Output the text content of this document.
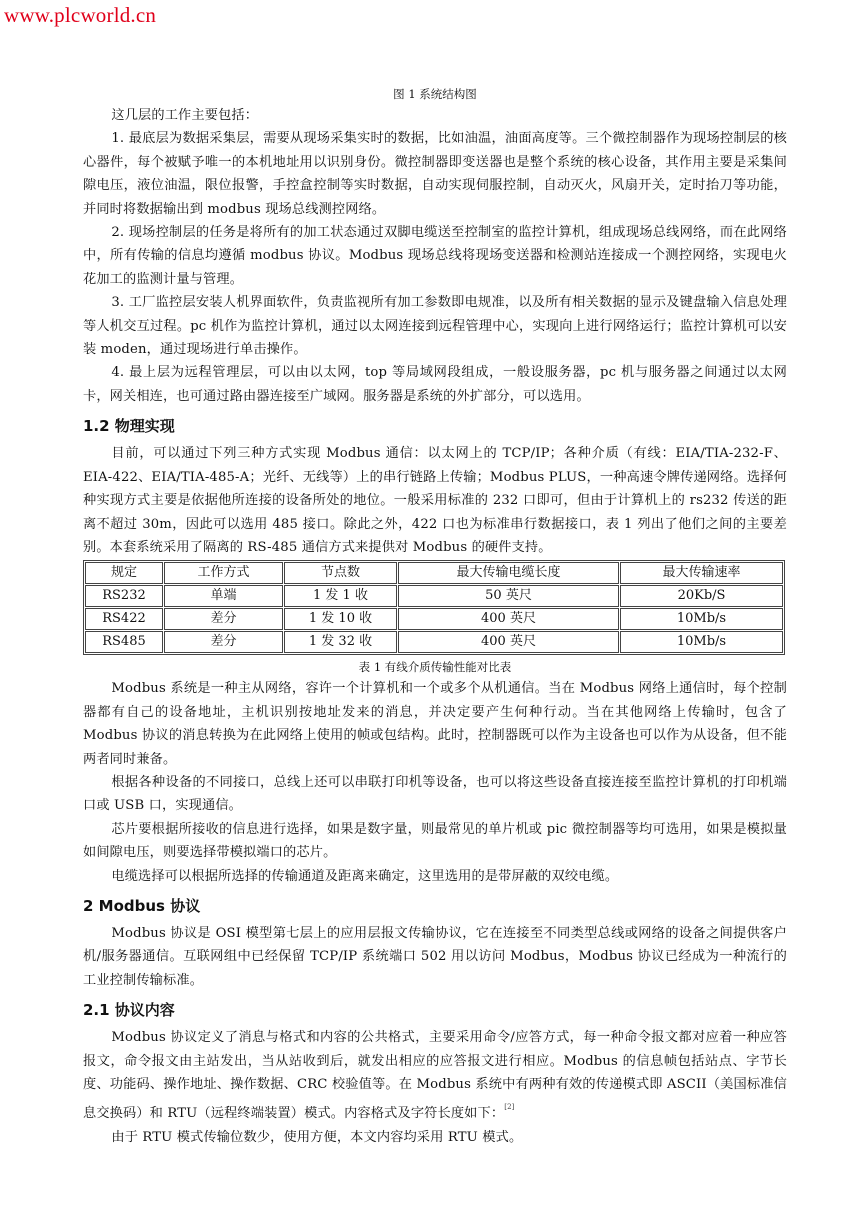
www.plcworld.cn

图 1 系统结构图

这几层的工作主要包括：

1. 最底层为数据采集层，需要从现场采集实时的数据，比如油温，油面高度等。三个微控制器作为现场控制层的核心器件，每个被赋予唯一的本机地址用以识别身份。微控制器即变送器也是整个系统的核心设备，其作用主要是采集间隙电压，液位油温，限位报警，手控盒控制等实时数据，自动实现伺服控制，自动灭火，风扇开关，定时抬刀等功能，并同时将数据输出到 modbus 现场总线测控网络。

2. 现场控制层的任务是将所有的加工状态通过双脚电缆送至控制室的监控计算机，组成现场总线网络，而在此网络中，所有传输的信息均遵循 modbus 协议。Modbus 现场总线将现场变送器和检测站连接成一个测控网络，实现电火花加工的监测计量与管理。

3. 工厂监控层安装人机界面软件，负责监视所有加工参数即电规准，以及所有相关数据的显示及键盘输入信息处理等人机交互过程。pc 机作为监控计算机，通过以太网连接到远程管理中心，实现向上进行网络运行；监控计算机可以安装 moden，通过现场进行单击操作。

4. 最上层为远程管理层，可以由以太网，top 等局域网段组成，一般设服务器，pc 机与服务器之间通过以太网卡，网关相连，也可通过路由器连接至广域网。服务器是系统的外扩部分，可以选用。

1.2 物理实现

目前，可以通过下列三种方式实现 Modbus 通信：以太网上的 TCP/IP；各种介质（有线：EIA/TIA-232-F、EIA-422、EIA/TIA-485-A；光纤、无线等）上的串行链路上传输；Modbus PLUS，一种高速令牌传递网络。选择何种实现方式主要是依据他所连接的设备所处的地位。一般采用标准的 232 口即可，但由于计算机上的 rs232 传送的距离不超过 30m，因此可以选用 485 接口。除此之外，422 口也为标准串行数据接口，表 1 列出了他们之间的主要差别。本套系统采用了隔离的 RS-485 通信方式来提供对 Modbus 的硬件支持。

规定	工作方式	节点数	最大传输电缆长度	最大传输速率
RS232	单端	1 发 1 收	50 英尺	20Kb/S
RS422	差分	1 发 10 收	400 英尺	10Mb/s
RS485	差分	1 发 32 收	400 英尺	10Mb/s

表 1 有线介质传输性能对比表

Modbus 系统是一种主从网络，容许一个计算机和一个或多个从机通信。当在 Modbus 网络上通信时，每个控制器都有自己的设备地址，主机识别按地址发来的消息，并决定要产生何种行动。当在其他网络上传输时，包含了 Modbus 协议的消息转换为在此网络上使用的帧或包结构。此时，控制器既可以作为主设备也可以作为从设备，但不能两者同时兼备。

根据各种设备的不同接口，总线上还可以串联打印机等设备，也可以将这些设备直接连接至监控计算机的打印机端口或 USB 口，实现通信。

芯片要根据所接收的信息进行选择，如果是数字量，则最常见的单片机或 pic 微控制器等均可选用，如果是模拟量如间隙电压，则要选择带模拟端口的芯片。

电缆选择可以根据所选择的传输通道及距离来确定，这里选用的是带屏蔽的双绞电缆。

2 Modbus 协议

Modbus 协议是 OSI 模型第七层上的应用层报文传输协议，它在连接至不同类型总线或网络的设备之间提供客户机/服务器通信。互联网组中已经保留 TCP/IP 系统端口 502 用以访问 Modbus，Modbus 协议已经成为一种流行的工业控制传输标准。

2.1 协议内容

Modbus 协议定义了消息与格式和内容的公共格式，主要采用命令/应答方式，每一种命令报文都对应着一种应答报文，命令报文由主站发出，当从站收到后，就发出相应的应答报文进行相应。Modbus 的信息帧包括站点、字节长度、功能码、操作地址、操作数据、CRC 校验值等。在 Modbus 系统中有两种有效的传递模式即 ASCII（美国标准信息交换码）和 RTU（远程终端装置）模式。内容格式及字符长度如下：[2]

由于 RTU 模式传输位数少，使用方便，本文内容均采用 RTU 模式。
